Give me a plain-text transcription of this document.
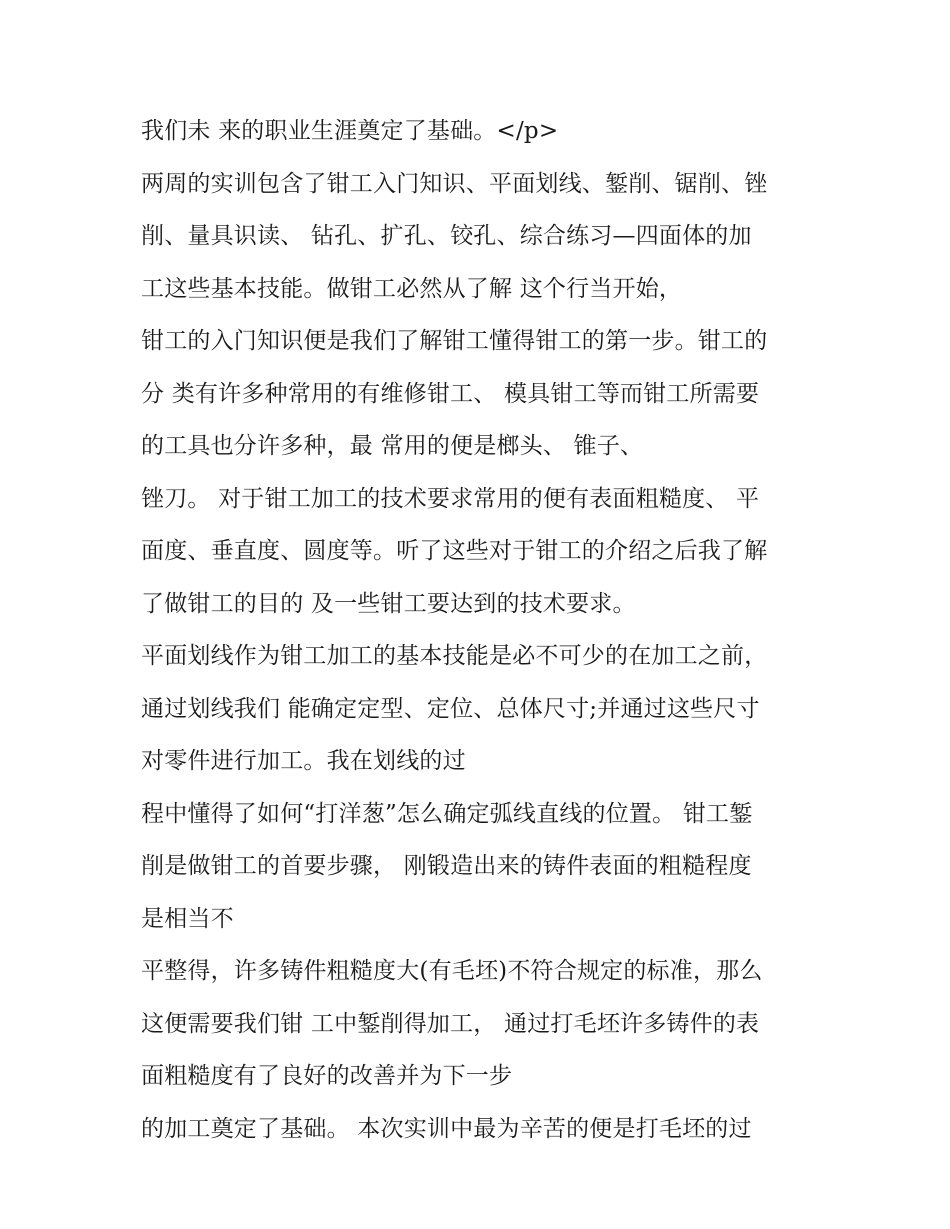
我们未 来的职业生涯奠定了基础。</p>
两周的实训包含了钳工入门知识、平面划线、錾削、锯削、锉
削、量具识读、 钻孔、扩孔、铰孔、综合练习—四面体的加
工这些基本技能。做钳工必然从了解 这个行当开始，
钳工的入门知识便是我们了解钳工懂得钳工的第一步。钳工的
分 类有许多种常用的有维修钳工、 模具钳工等而钳工所需要
的工具也分许多种，最 常用的便是榔头、 锥子、
锉刀。 对于钳工加工的技术要求常用的便有表面粗糙度、 平
面度、垂直度、圆度等。听了这些对于钳工的介绍之后我了解
了做钳工的目的 及一些钳工要达到的技术要求。
平面划线作为钳工加工的基本技能是必不可少的在加工之前，
通过划线我们 能确定定型、定位、总体尺寸;并通过这些尺寸
对零件进行加工。我在划线的过
程中懂得了如何“打洋葱”怎么确定弧线直线的位置。 钳工錾
削是做钳工的首要步骤， 刚锻造出来的铸件表面的粗糙程度
是相当不
平整得，许多铸件粗糙度大(有毛坯)不符合规定的标准，那么
这便需要我们钳 工中錾削得加工， 通过打毛坯许多铸件的表
面粗糙度有了良好的改善并为下一步
的加工奠定了基础。 本次实训中最为辛苦的便是打毛坯的过
